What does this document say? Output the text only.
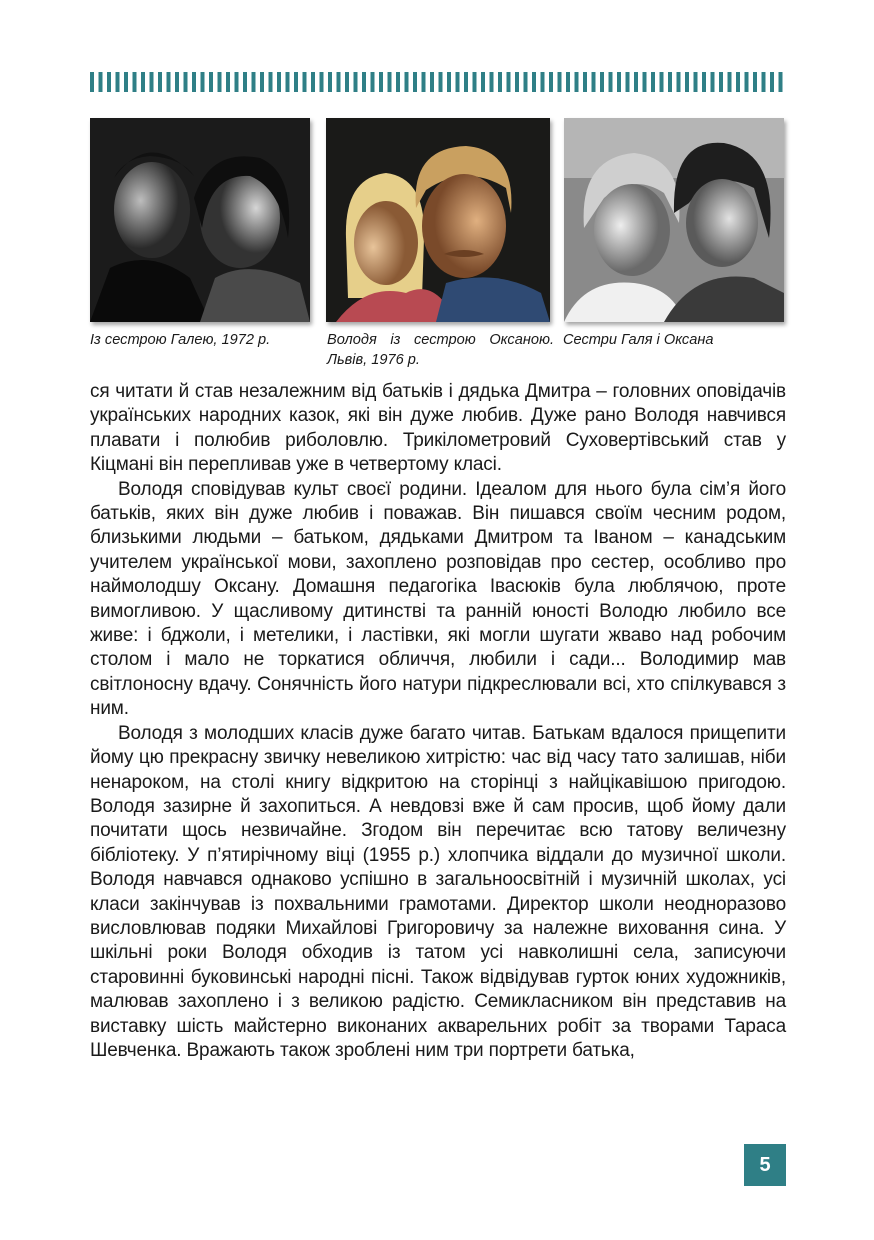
Із сестрою Галею, 1972 р.	Володя із сестрою Оксаною. Львів, 1976 р.
Сестри Галя і Оксана

ся читати й став незалежним від батьків і дядька Дмитра – головних оповідачів українських народних казок, які він дуже любив. Дуже рано Володя навчився плавати і полюбив риболовлю. Трикілометровий Суховертівський став у Кіцмані він перепливав уже в четвертому класі.

Володя сповідував культ своєї родини. Ідеалом для нього була сім’я його батьків, яких він дуже любив і поважав. Він пишався своїм чесним родом, близькими людьми – батьком, дядьками Дмитром та Іваном – канадським учителем української мови, захоплено розповідав про сестер, особливо про наймолодшу Оксану. Домашня педагогіка Івасюків була люблячою, проте вимогливою. У щасливому дитинстві та ранній юності Володю любило все живе: і бджоли, і метелики, і ластівки, які могли шугати жваво над робочим столом і мало не торкатися обличчя, любили і сади... Володимир мав світлоносну вдачу. Сонячність його натури підкреслювали всі, хто спілкувався з ним.

Володя з молодших класів дуже багато читав. Батькам вдалося прищепити йому цю прекрасну звичку невеликою хитрістю: час від часу тато залишав, ніби ненароком, на столі книгу відкритою на сторінці з найцікавішою пригодою. Володя зазирне й захопиться. А невдовзі вже й сам просив, щоб йому дали почитати щось незвичайне. Згодом він перечитає всю татову величезну бібліотеку. У п’ятирічному віці (1955 р.) хлопчика віддали до музичної школи. Володя навчався однаково успішно в загальноосвітній і музичній школах, усі класи закінчував із похвальними грамотами. Директор школи неодноразово висловлював подяки Михайлові Григоровичу за належне виховання сина. У шкільні роки Володя обходив із татом усі навколишні села, записуючи старовинні буковинські народні пісні. Також відвідував гурток юних художників, малював захоплено і з великою радістю. Семикласником він представив на виставку шість майстерно виконаних акварельних робіт за творами Тараса Шевченка. Вражають також зроблені ним три портрети батька,

5
